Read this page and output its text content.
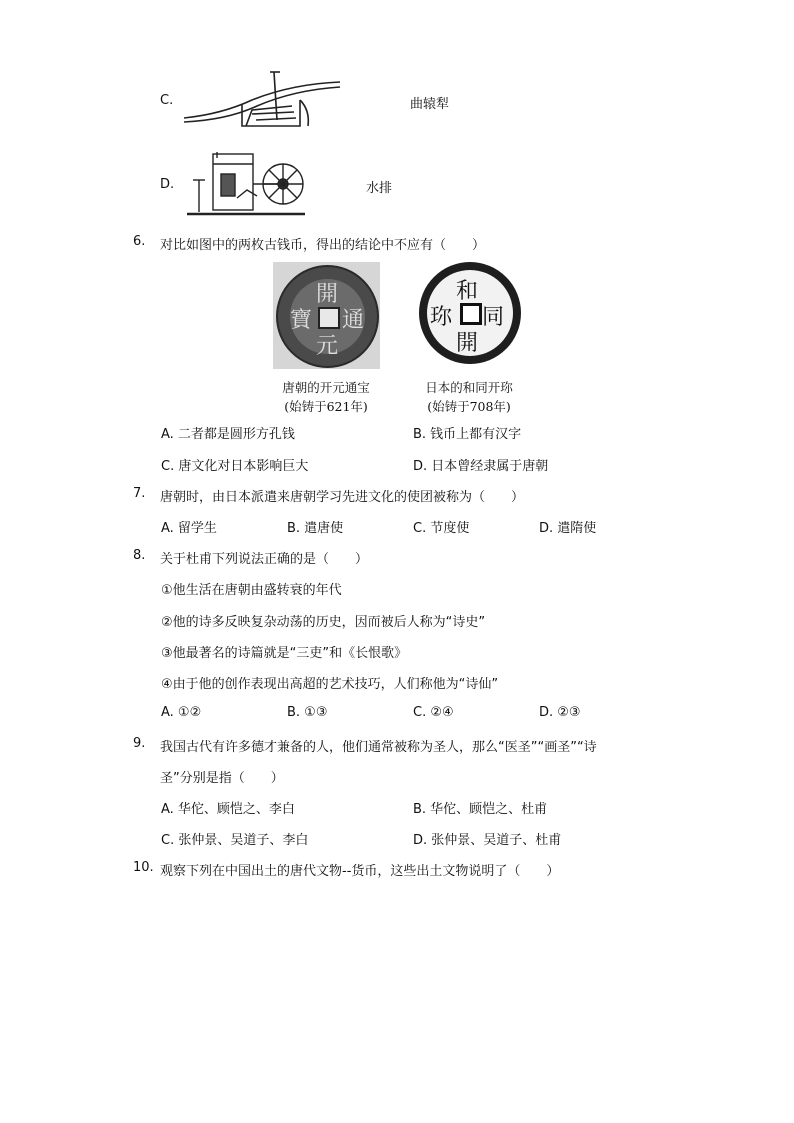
C.	曲辕犁
D.	水排
6. 对比如图中的两枚古钱币，得出的结论中不应有（　　）
開
元
通
寶
和
同
開
珎
唐朝的开元通宝
(始铸于621年)
日本的和同开珎
(始铸于708年)
A. 二者都是圆形方孔钱	B. 钱币上都有汉字
C. 唐文化对日本影响巨大	D. 日本曾经隶属于唐朝
7. 唐朝时，由日本派遣来唐朝学习先进文化的使团被称为（　　）
A. 留学生	B. 遣唐使	C. 节度使	D. 遣隋使
8. 关于杜甫下列说法正确的是（　　）
①他生活在唐朝由盛转衰的年代
②他的诗多反映复杂动荡的历史，因而被后人称为“诗史”
③他最著名的诗篇就是“三吏”和《长恨歌》
④由于他的创作表现出高超的艺术技巧，人们称他为“诗仙”
A. ①②	B. ①③	C. ②④	D. ②③
9. 我国古代有许多德才兼备的人，他们通常被称为圣人，那么“医圣”“画圣”“诗
圣”分别是指（　　）
A. 华佗、顾恺之、李白	B. 华佗、顾恺之、杜甫
C. 张仲景、吴道子、李白	D. 张仲景、吴道子、杜甫
10. 观察下列在中国出土的唐代文物--货币，这些出土文物说明了（　　）
